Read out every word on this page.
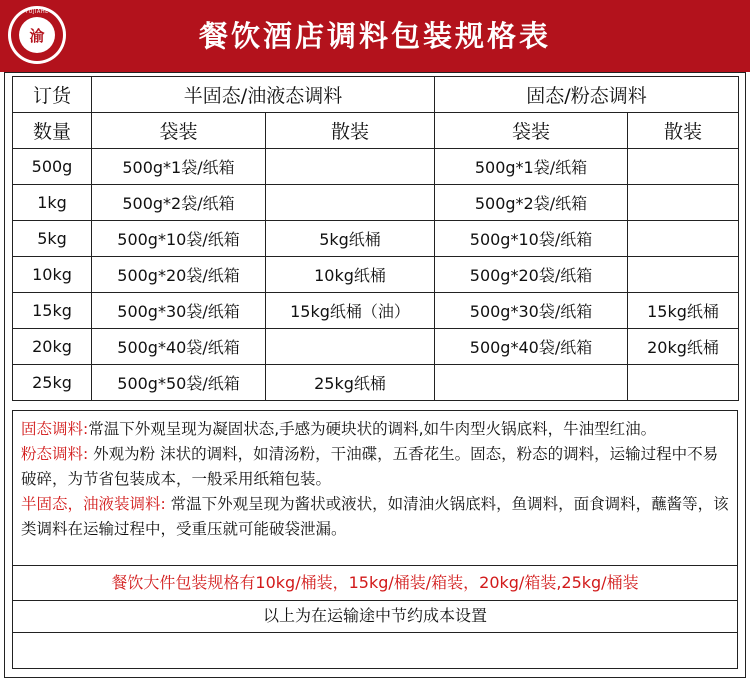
TUJIAHE
渝	餐饮酒店调料包装规格表
订货	半固态/油液态调料		固态/粉态调料	
数量	袋装	散装	袋装	散装
500g	500g*1袋/纸箱		500g*1袋/纸箱	
1kg	500g*2袋/纸箱		500g*2袋/纸箱	
5kg	500g*10袋/纸箱	5kg纸桶	500g*10袋/纸箱	
10kg	500g*20袋/纸箱	10kg纸桶	500g*20袋/纸箱	
15kg	500g*30袋/纸箱	15kg纸桶（油）	500g*30袋/纸箱	15kg纸桶
20kg	500g*40袋/纸箱		500g*40袋/纸箱	20kg纸桶
25kg	500g*50袋/纸箱	25kg纸桶		

固态调料:常温下外观呈现为凝固状态,手感为硬块状的调料,如牛肉型火锅底料，牛油型红油。

粉态调料: 外观为粉 沫状的调料，如清汤粉，干油碟，五香花生。固态，粉态的调料，运输过程中不易破碎，为节省包装成本，一般采用纸箱包装。

半固态，油液装调料: 常温下外观呈现为酱状或液状，如清油火锅底料，鱼调料，面食调料，蘸酱等，该类调料在运输过程中，受重压就可能破袋泄漏。

餐饮大件包装规格有10kg/桶装，15kg/桶装/箱装，20kg/箱装,25kg/桶装
以上为在运输途中节约成本设置
